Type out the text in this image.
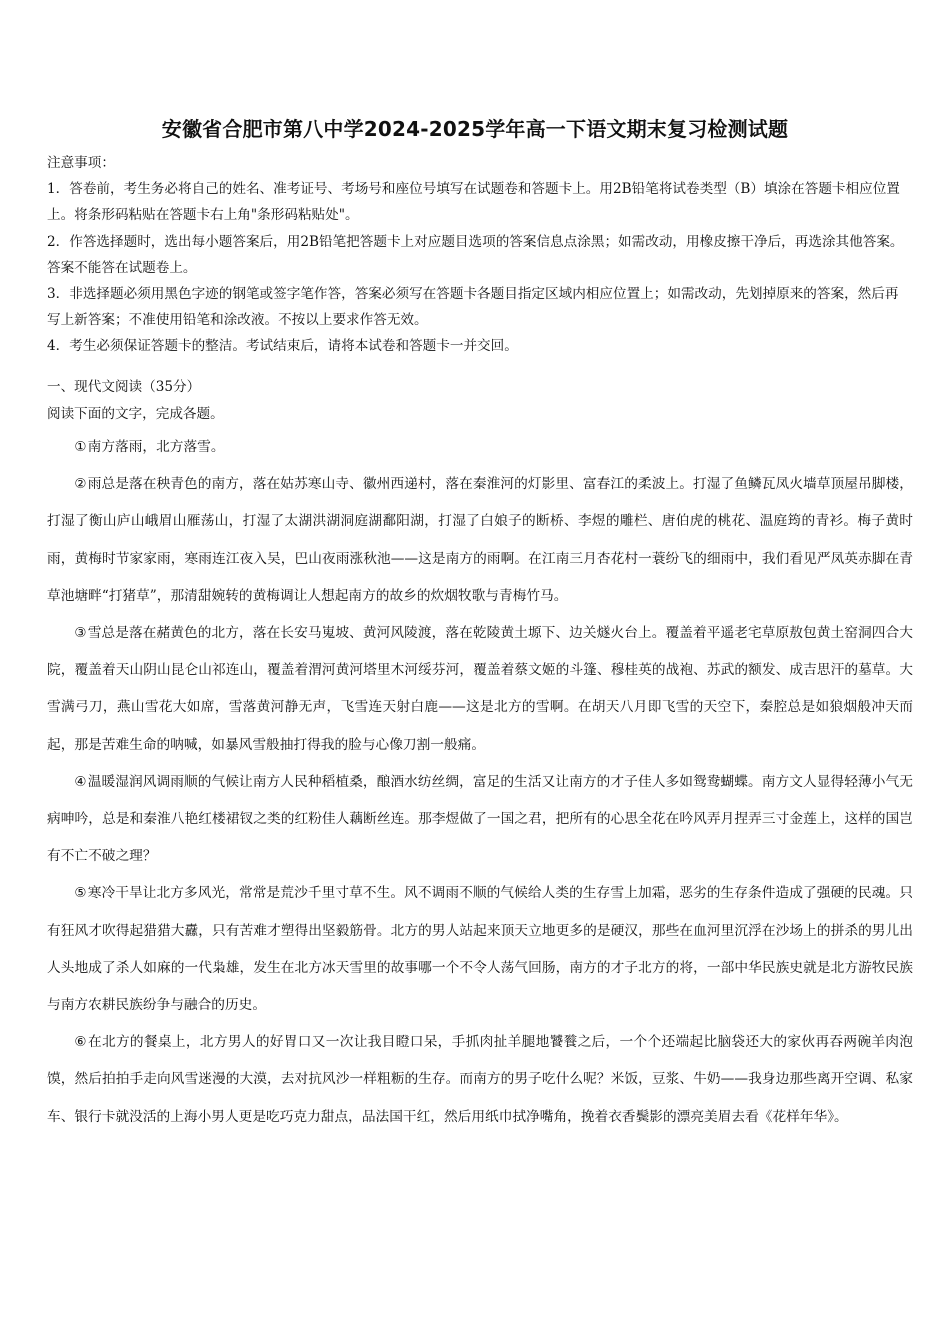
安徽省合肥市第八中学2024-2025学年高一下语文期末复习检测试题

注意事项：

1．答卷前，考生务必将自己的姓名、准考证号、考场号和座位号填写在试题卷和答题卡上。用2B铅笔将试卷类型（B）填涂在答题卡相应位置上。将条形码粘贴在答题卡右上角"条形码粘贴处"。

2．作答选择题时，选出每小题答案后，用2B铅笔把答题卡上对应题目选项的答案信息点涂黑；如需改动，用橡皮擦干净后，再选涂其他答案。答案不能答在试题卷上。

3．非选择题必须用黑色字迹的钢笔或签字笔作答，答案必须写在答题卡各题目指定区域内相应位置上；如需改动，先划掉原来的答案，然后再写上新答案；不准使用铅笔和涂改液。不按以上要求作答无效。

4．考生必须保证答题卡的整洁。考试结束后，请将本试卷和答题卡一并交回。

一、现代文阅读（35分）

阅读下面的文字，完成各题。

①南方落雨，北方落雪。

②雨总是落在秧青色的南方，落在姑苏寒山寺、徽州西递村，落在秦淮河的灯影里、富春江的柔波上。打湿了鱼鳞瓦凤火墙草顶屋吊脚楼，打湿了衡山庐山峨眉山雁荡山，打湿了太湖洪湖洞庭湖鄱阳湖，打湿了白娘子的断桥、李煜的雕栏、唐伯虎的桃花、温庭筠的青衫。梅子黄时雨，黄梅时节家家雨，寒雨连江夜入吴，巴山夜雨涨秋池——这是南方的雨啊。在江南三月杏花村一蓑纷飞的细雨中，我们看见严凤英赤脚在青草池塘畔“打猪草”，那清甜婉转的黄梅调让人想起南方的故乡的炊烟牧歌与青梅竹马。

③雪总是落在赭黄色的北方，落在长安马嵬坡、黄河风陵渡，落在乾陵黄土塬下、边关燧火台上。覆盖着平遥老宅草原敖包黄土窑洞四合大院，覆盖着天山阴山昆仑山祁连山，覆盖着渭河黄河塔里木河绥芬河，覆盖着蔡文姬的斗篷、穆桂英的战袍、苏武的额发、成吉思汗的墓草。大雪满弓刀，燕山雪花大如席，雪落黄河静无声，飞雪连天射白鹿——这是北方的雪啊。在胡天八月即飞雪的天空下，秦腔总是如狼烟般冲天而起，那是苦难生命的呐喊，如暴风雪般抽打得我的脸与心像刀割一般痛。

④温暖湿润风调雨顺的气候让南方人民种稻植桑，酿酒水纺丝绸，富足的生活又让南方的才子佳人多如鸳鸯蝴蝶。南方文人显得轻薄小气无病呻吟，总是和秦淮八艳红楼裙钗之类的红粉佳人藕断丝连。那李煜做了一国之君，把所有的心思全花在吟风弄月捏弄三寸金莲上，这样的国岂有不亡不破之理？

⑤寒冷干旱让北方多风光，常常是荒沙千里寸草不生。风不调雨不顺的气候给人类的生存雪上加霜，恶劣的生存条件造成了强硬的民魂。只有狂风才吹得起猎猎大纛，只有苦难才塑得出坚毅筋骨。北方的男人站起来顶天立地更多的是硬汉，那些在血河里沉浮在沙场上的拼杀的男儿出人头地成了杀人如麻的一代枭雄，发生在北方冰天雪里的故事哪一个不令人荡气回肠，南方的才子北方的将，一部中华民族史就是北方游牧民族与南方农耕民族纷争与融合的历史。

⑥在北方的餐桌上，北方男人的好胃口又一次让我目瞪口呆，手抓肉扯羊腿地饕餮之后，一个个还端起比脑袋还大的家伙再吞两碗羊肉泡馍，然后拍拍手走向风雪迷漫的大漠，去对抗风沙一样粗粝的生存。而南方的男子吃什么呢？米饭，豆浆、牛奶——我身边那些离开空调、私家车、银行卡就没活的上海小男人更是吃巧克力甜点，品法国干红，然后用纸巾拭净嘴角，挽着衣香鬓影的漂亮美眉去看《花样年华》。
